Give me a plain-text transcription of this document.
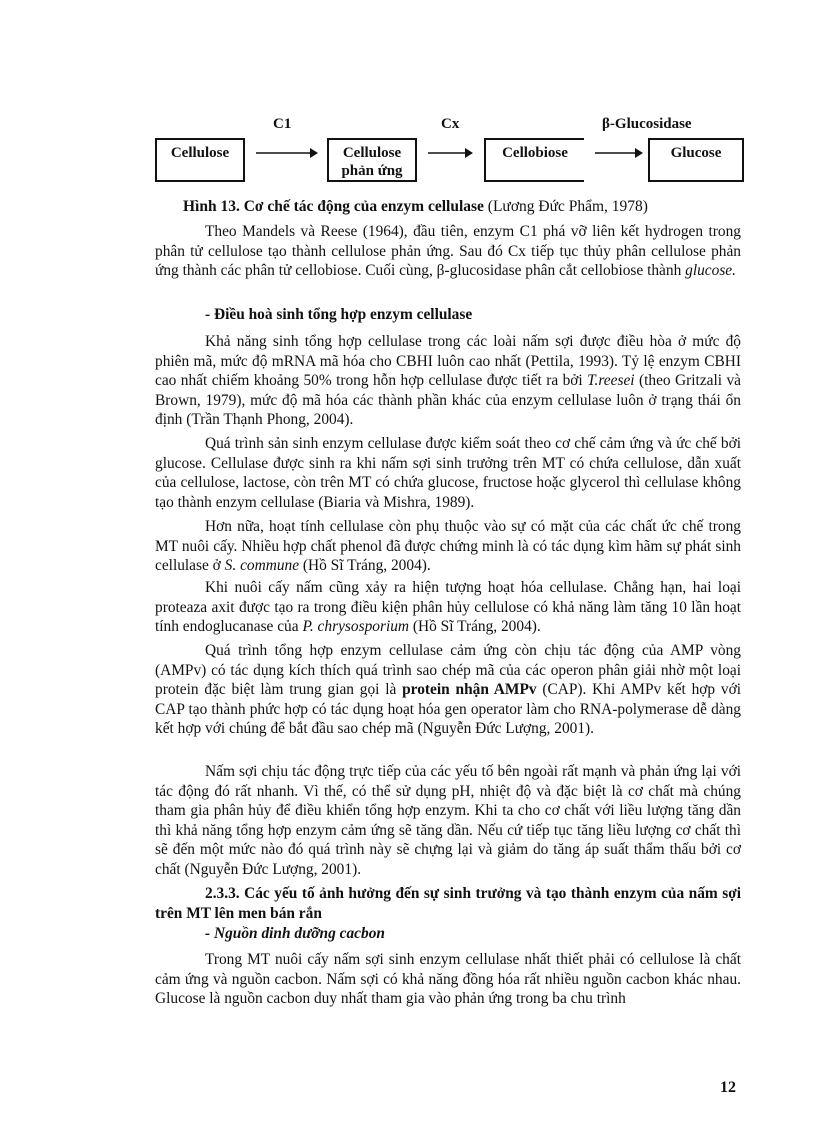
C1	Cx	β-Glucosidase
Cellulose	Cellulose phản ứng
Cellobiose	Glucose
Hình 13. Cơ chế tác động của enzym cellulase (Lương Đức Phẩm, 1978)

Theo Mandels và Reese (1964), đầu tiên, enzym C1 phá vỡ liên kết hydrogen trong phân tử cellulose tạo thành cellulose phản ứng. Sau đó Cx tiếp tục thủy phân cellulose phản ứng thành các phân tử cellobiose. Cuối cùng, β-glucosidase phân cắt cellobiose thành glucose.

- Điều hoà sinh tổng hợp enzym cellulase

Khả năng sinh tổng hợp cellulase trong các loài nấm sợi được điều hòa ở mức độ phiên mã, mức độ mRNA mã hóa cho CBHI luôn cao nhất (Pettila, 1993). Tỷ lệ enzym CBHI cao nhất chiếm khoảng 50% trong hỗn hợp cellulase được tiết ra bởi T.reesei (theo Gritzali và Brown, 1979), mức độ mã hóa các thành phần khác của enzym cellulase luôn ở trạng thái ổn định (Trần Thạnh Phong, 2004).

Quá trình sản sinh enzym cellulase được kiểm soát theo cơ chế cảm ứng và ức chế bởi glucose. Cellulase được sinh ra khi nấm sợi sinh trưởng trên MT có chứa cellulose, dẫn xuất của cellulose, lactose, còn trên MT có chứa glucose, fructose hoặc glycerol thì cellulase không tạo thành enzym cellulase (Biaria và Mishra, 1989).

Hơn nữa, hoạt tính cellulase còn phụ thuộc vào sự có mặt của các chất ức chế trong MT nuôi cấy. Nhiều hợp chất phenol đã được chứng minh là có tác dụng kìm hãm sự phát sinh cellulase ở S. commune (Hồ Sĩ Tráng, 2004).

Khi nuôi cấy nấm cũng xảy ra hiện tượng hoạt hóa cellulase. Chẳng hạn, hai loại proteaza axit được tạo ra trong điều kiện phân hủy cellulose có khả năng làm tăng 10 lần hoạt tính endoglucanase của P. chrysosporium (Hồ Sĩ Tráng, 2004).

Quá trình tổng hợp enzym cellulase cảm ứng còn chịu tác động của AMP vòng (AMPv) có tác dụng kích thích quá trình sao chép mã của các operon phân giải nhờ một loại protein đặc biệt làm trung gian gọi là protein nhận AMPv (CAP). Khi AMPv kết hợp với CAP tạo thành phức hợp có tác dụng hoạt hóa gen operator làm cho RNA-polymerase dễ dàng kết hợp với chúng để bắt đầu sao chép mã (Nguyễn Đức Lượng, 2001).

Nấm sợi chịu tác động trực tiếp của các yếu tố bên ngoài rất mạnh và phản ứng lại với tác động đó rất nhanh. Vì thế, có thể sử dụng pH, nhiệt độ và đặc biệt là cơ chất mà chúng tham gia phân hủy để điều khiển tổng hợp enzym. Khi ta cho cơ chất với liều lượng tăng dần thì khả năng tổng hợp enzym cảm ứng sẽ tăng dần. Nếu cứ tiếp tục tăng liều lượng cơ chất thì sẽ đến một mức nào đó quá trình này sẽ chựng lại và giảm do tăng áp suất thẩm thấu bởi cơ chất (Nguyễn Đức Lượng, 2001).

2.3.3. Các yếu tố ảnh hưởng đến sự sinh trưởng và tạo thành enzym của nấm sợi trên MT lên men bán rắn

- Nguồn dinh dưỡng cacbon

Trong MT nuôi cấy nấm sợi sinh enzym cellulase nhất thiết phải có cellulose là chất cảm ứng và nguồn cacbon. Nấm sợi có khả năng đồng hóa rất nhiều nguồn cacbon khác nhau. Glucose là nguồn cacbon duy nhất tham gia vào phản ứng trong ba chu trình

12
